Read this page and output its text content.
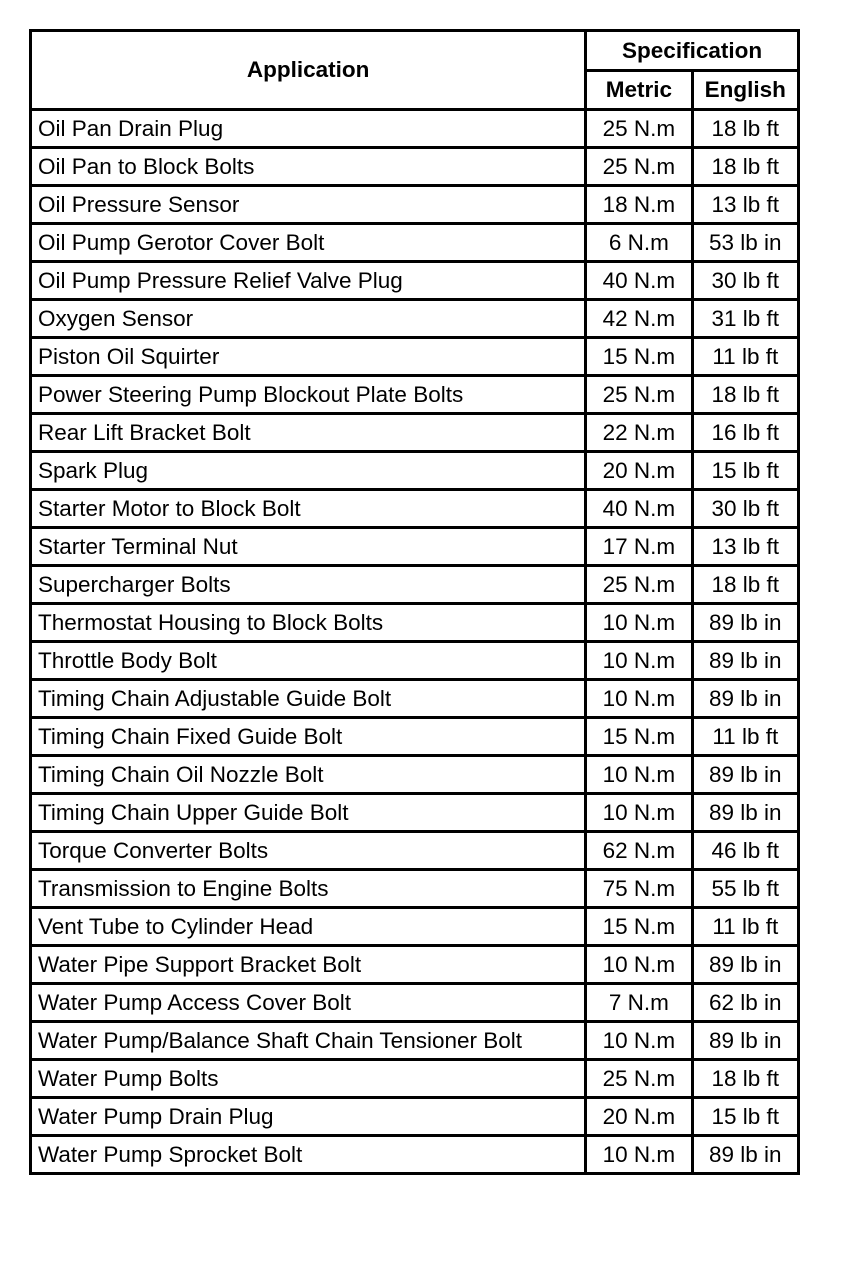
Application	Specification	
	Metric	English
Oil Pan Drain Plug	25 N.m	18 lb ft
Oil Pan to Block Bolts	25 N.m	18 lb ft
Oil Pressure Sensor	18 N.m	13 lb ft
Oil Pump Gerotor Cover Bolt	6 N.m	53 lb in
Oil Pump Pressure Relief Valve Plug	40 N.m	30 lb ft
Oxygen Sensor	42 N.m	31 lb ft
Piston Oil Squirter	15 N.m	11 lb ft
Power Steering Pump Blockout Plate Bolts	25 N.m	18 lb ft
Rear Lift Bracket Bolt	22 N.m	16 lb ft
Spark Plug	20 N.m	15 lb ft
Starter Motor to Block Bolt	40 N.m	30 lb ft
Starter Terminal Nut	17 N.m	13 lb ft
Supercharger Bolts	25 N.m	18 lb ft
Thermostat Housing to Block Bolts	10 N.m	89 lb in
Throttle Body Bolt	10 N.m	89 lb in
Timing Chain Adjustable Guide Bolt	10 N.m	89 lb in
Timing Chain Fixed Guide Bolt	15 N.m	11 lb ft
Timing Chain Oil Nozzle Bolt	10 N.m	89 lb in
Timing Chain Upper Guide Bolt	10 N.m	89 lb in
Torque Converter Bolts	62 N.m	46 lb ft
Transmission to Engine Bolts	75 N.m	55 lb ft
Vent Tube to Cylinder Head	15 N.m	11 lb ft
Water Pipe Support Bracket Bolt	10 N.m	89 lb in
Water Pump Access Cover Bolt	7 N.m	62 lb in
Water Pump/Balance Shaft Chain Tensioner Bolt	10 N.m	89 lb in
Water Pump Bolts	25 N.m	18 lb ft
Water Pump Drain Plug	20 N.m	15 lb ft
Water Pump Sprocket Bolt	10 N.m	89 lb in
